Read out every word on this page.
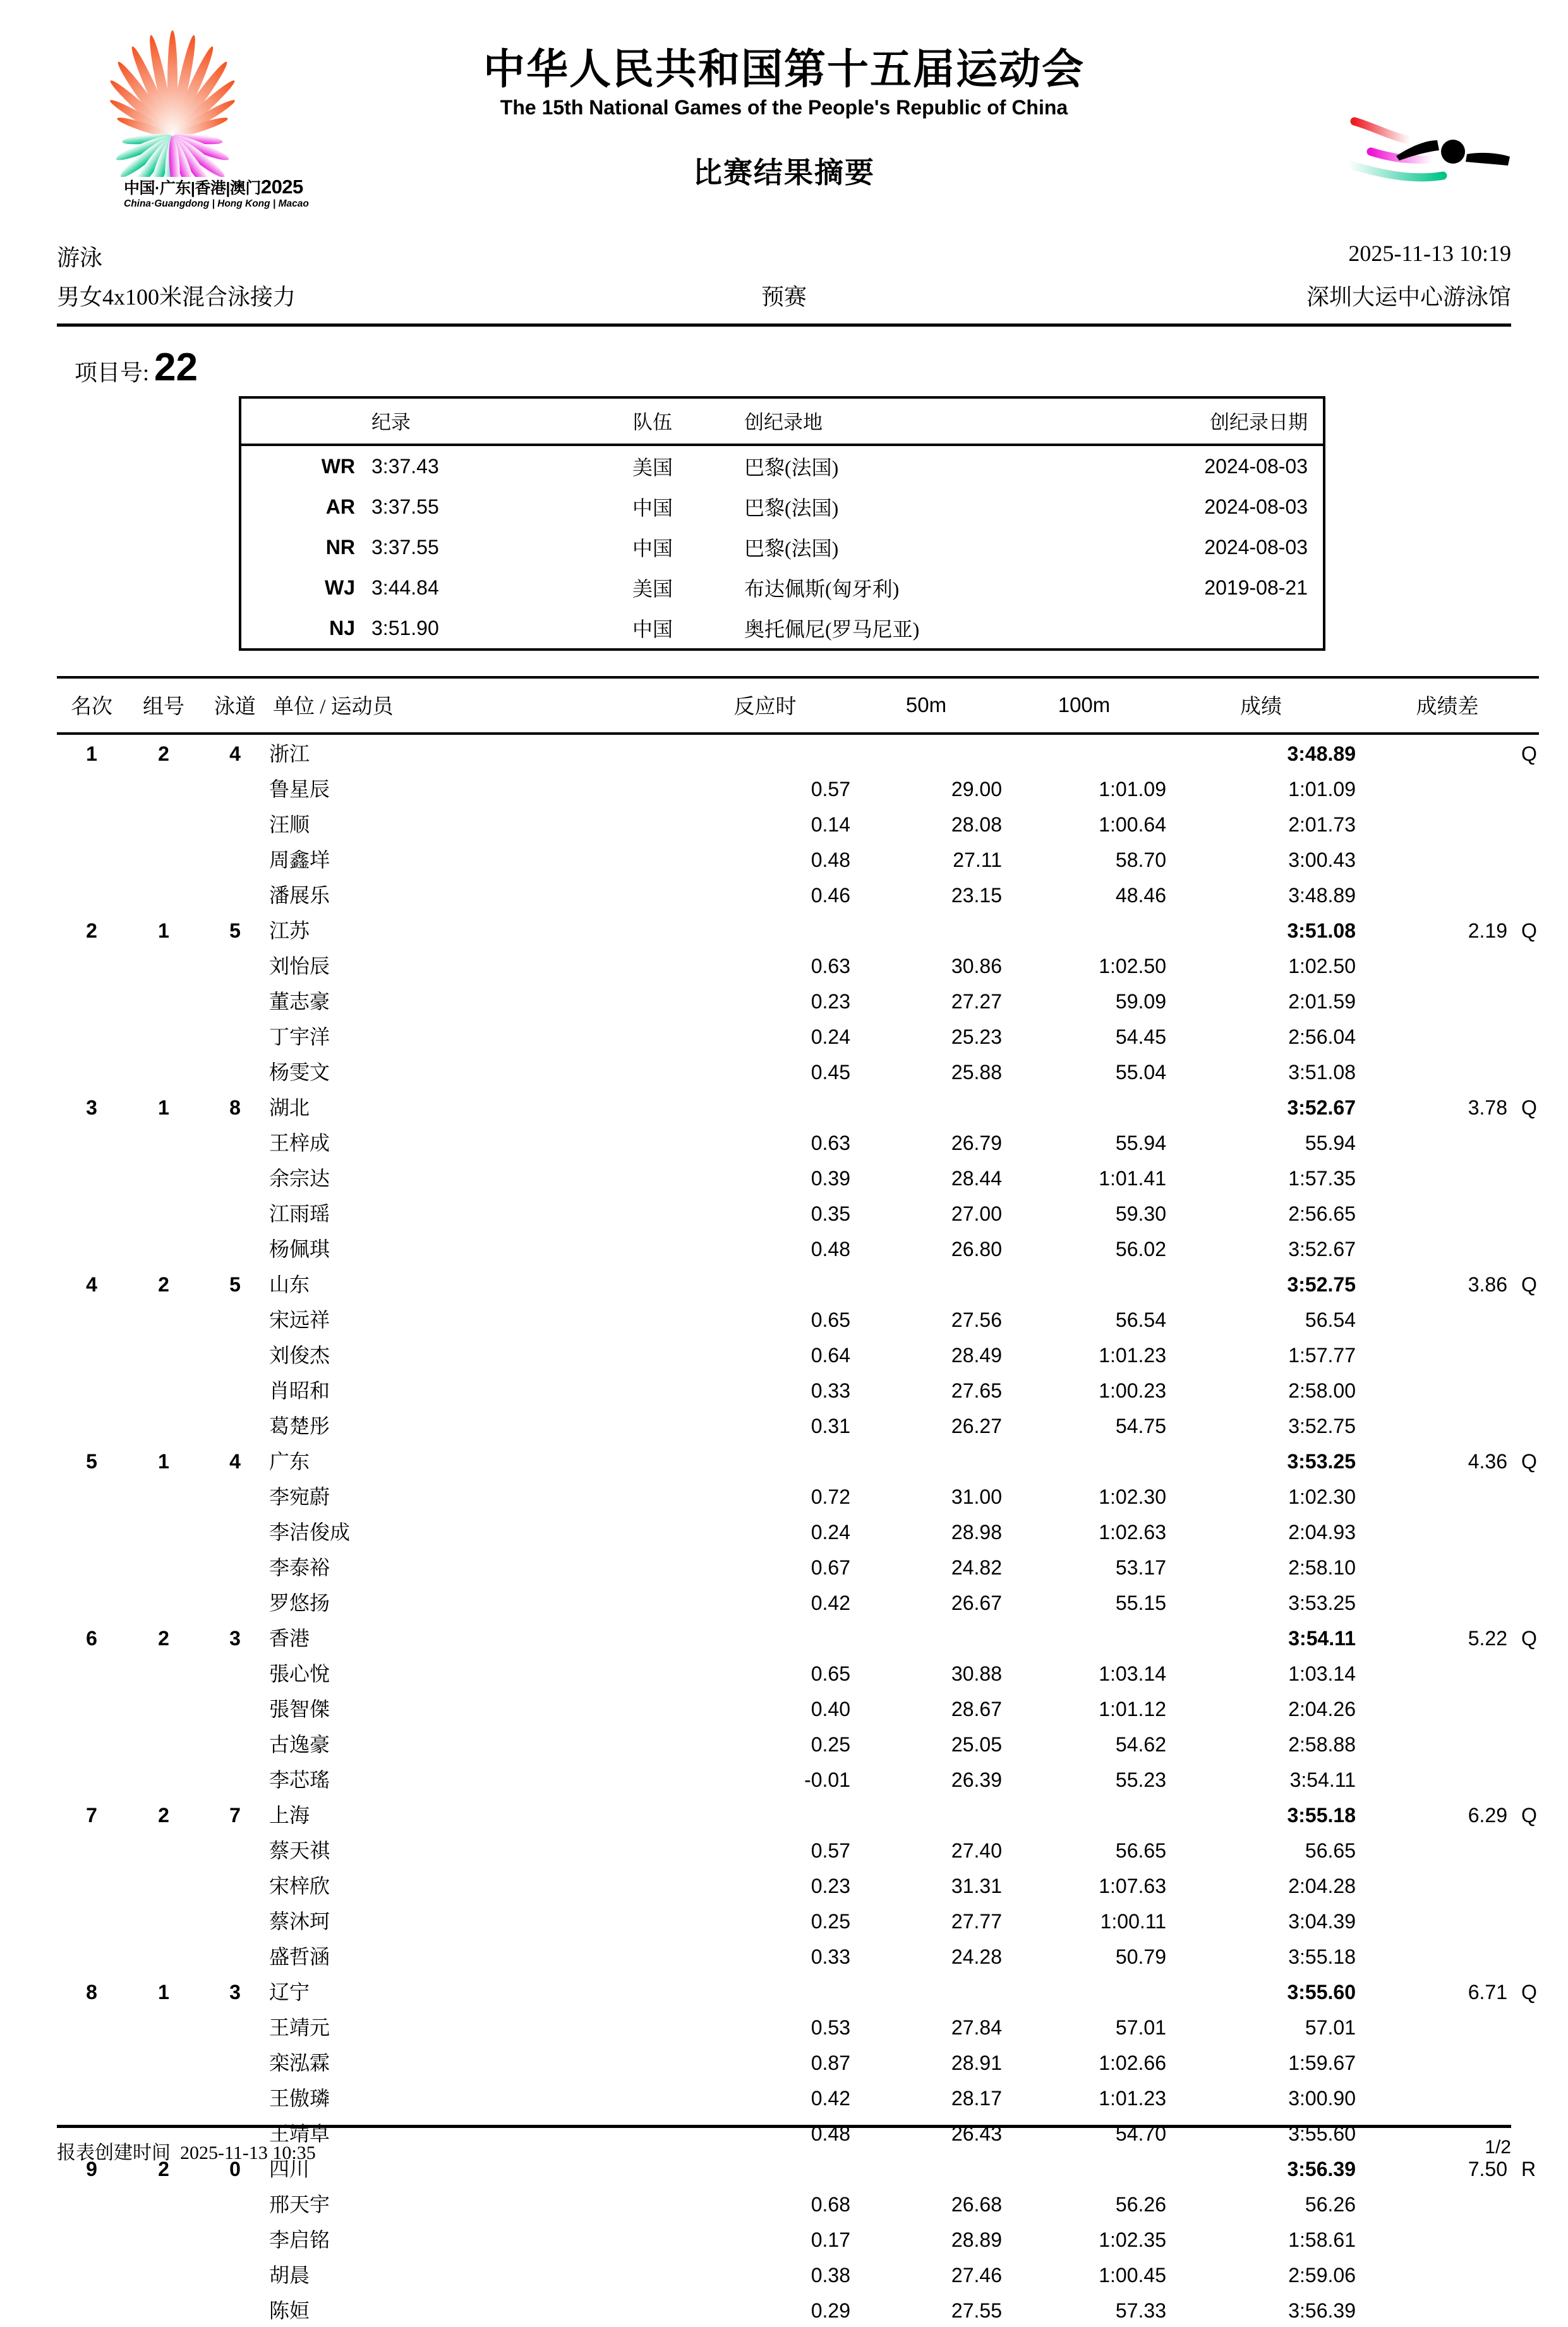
中国·广东|香港|澳门2025
China·Guangdong | Hong Kong | Macao
中华人民共和国第十五届运动会
The 15th National Games of the People's Republic of China
比赛结果摘要
游泳	2025-11-13 10:19
男女4x100米混合泳接力	预赛	深圳大运中心游泳馆
项目号: 22
	纪录	队伍	创纪录地	创纪录日期
WR	3:37.43	美国	巴黎(法国)	2024-08-03
AR	3:37.55	中国	巴黎(法国)	2024-08-03
NR	3:37.55	中国	巴黎(法国)	2024-08-03
WJ	3:44.84	美国	布达佩斯(匈牙利)	2019-08-21
NJ	3:51.90	中国	奥托佩尼(罗马尼亚)	
名次	组号	泳道	单位 / 运动员	反应时	50m	100m	成绩	成绩差
1	2	4	浙江				3:48.89	Q
			鲁星辰	0.57	29.00	1:01.09	1:01.09	
			汪顺	0.14	28.08	1:00.64	2:01.73	
			周鑫垟	0.48	27.11	58.70	3:00.43	
			潘展乐	0.46	23.15	48.46	3:48.89	
2	1	5	江苏				3:51.08	2.19 Q
			刘怡辰	0.63	30.86	1:02.50	1:02.50	
			董志豪	0.23	27.27	59.09	2:01.59	
			丁宇洋	0.24	25.23	54.45	2:56.04	
			杨雯文	0.45	25.88	55.04	3:51.08	
3	1	8	湖北				3:52.67	3.78 Q
			王梓成	0.63	26.79	55.94	55.94	
			余宗达	0.39	28.44	1:01.41	1:57.35	
			江雨瑶	0.35	27.00	59.30	2:56.65	
			杨佩琪	0.48	26.80	56.02	3:52.67	
4	2	5	山东				3:52.75	3.86 Q
			宋远祥	0.65	27.56	56.54	56.54	
			刘俊杰	0.64	28.49	1:01.23	1:57.77	
			肖昭和	0.33	27.65	1:00.23	2:58.00	
			葛楚彤	0.31	26.27	54.75	3:52.75	
5	1	4	广东				3:53.25	4.36 Q
			李宛蔚	0.72	31.00	1:02.30	1:02.30	
			李洁俊成	0.24	28.98	1:02.63	2:04.93	
			李泰裕	0.67	24.82	53.17	2:58.10	
			罗悠扬	0.42	26.67	55.15	3:53.25	
6	2	3	香港				3:54.11	5.22 Q
			張心悅	0.65	30.88	1:03.14	1:03.14	
			張智傑	0.40	28.67	1:01.12	2:04.26	
			古逸豪	0.25	25.05	54.62	2:58.88	
			李芯瑤	-0.01	26.39	55.23	3:54.11	
7	2	7	上海				3:55.18	6.29 Q
			蔡天祺	0.57	27.40	56.65	56.65	
			宋梓欣	0.23	31.31	1:07.63	2:04.28	
			蔡沐珂	0.25	27.77	1:00.11	3:04.39	
			盛哲涵	0.33	24.28	50.79	3:55.18	
8	1	3	辽宁				3:55.60	6.71 Q
			王靖元	0.53	27.84	57.01	57.01	
			栾泓霖	0.87	28.91	1:02.66	1:59.67	
			王傲璘	0.42	28.17	1:01.23	3:00.90	
			王靖卓	0.48	26.43	54.70	3:55.60	
9	2	0	四川				3:56.39	7.50 R
			邢天宇	0.68	26.68	56.26	56.26	
			李启铭	0.17	28.89	1:02.35	1:58.61	
			胡晨	0.38	27.46	1:00.45	2:59.06	
			陈姮	0.29	27.55	57.33	3:56.39	
报表创建时间 2025-11-13 10:35	1/2
